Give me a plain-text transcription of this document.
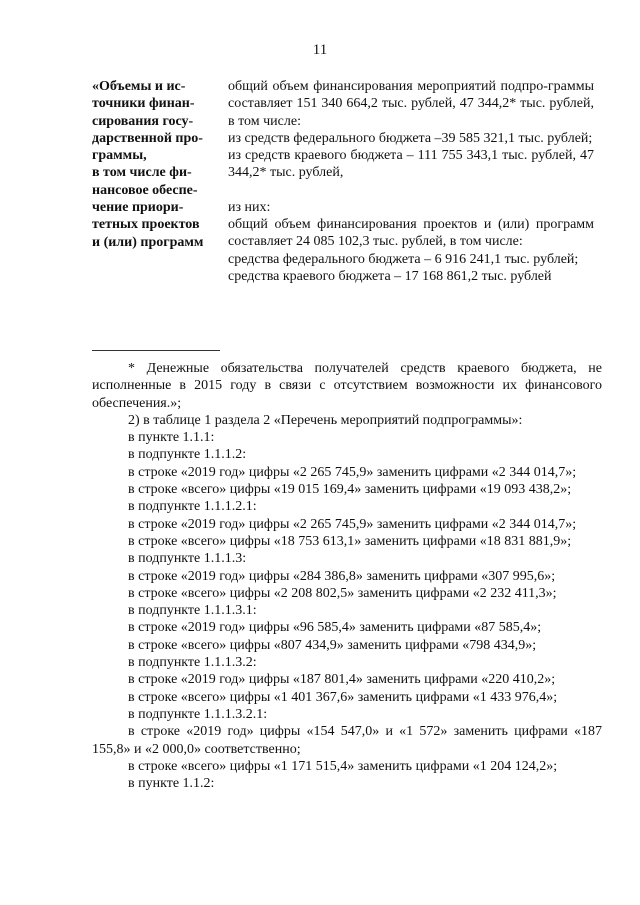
11
«Объемы и ис-
точники финан-
сирования госу-
дарственной про-
граммы,
в том числе фи-
нансовое обеспе-
чение приори-
тетных проектов
и (или) программ

общий объем финансирования мероприятий подпро-граммы составляет 151 340 664,2 тыс. рублей, 47 344,2* тыс. рублей, в том числе:

из средств федерального бюджета –39 585 321,1 тыс. рублей;

из средств краевого бюджета – 111 755 343,1 тыс. рублей, 47 344,2* тыс. рублей,

из них:

общий объем финансирования проектов и (или) программ составляет 24 085 102,3 тыс. рублей, в том числе:

средства федерального бюджета – 6 916 241,1 тыс. рублей;

средства краевого бюджета – 17 168 861,2 тыс. рублей

* Денежные обязательства получателей средств краевого бюджета, не исполненные в 2015 году в связи с отсутствием возможности их финансового обеспечения.»;

2) в таблице 1 раздела 2 «Перечень мероприятий подпрограммы»:

в пункте 1.1.1:

в подпункте 1.1.1.2:

в строке «2019 год» цифры «2 265 745,9» заменить цифрами «2 344 014,7»;

в строке «всего» цифры «19 015 169,4» заменить цифрами «19 093 438,2»;

в подпункте 1.1.1.2.1:

в строке «2019 год» цифры «2 265 745,9» заменить цифрами «2 344 014,7»;

в строке «всего» цифры «18 753 613,1» заменить цифрами «18 831 881,9»;

в подпункте 1.1.1.3:

в строке «2019 год» цифры «284 386,8» заменить цифрами «307 995,6»;

в строке «всего» цифры «2 208 802,5» заменить цифрами «2 232 411,3»;

в подпункте 1.1.1.3.1:

в строке «2019 год» цифры «96 585,4» заменить цифрами «87 585,4»;

в строке «всего» цифры «807 434,9» заменить цифрами «798 434,9»;

в подпункте 1.1.1.3.2:

в строке «2019 год» цифры «187 801,4» заменить цифрами «220 410,2»;

в строке «всего» цифры «1 401 367,6» заменить цифрами «1 433 976,4»;

в подпункте 1.1.1.3.2.1:

в строке «2019 год» цифры «154 547,0» и «1 572» заменить цифрами «187 155,8» и «2 000,0» соответственно;

в строке «всего» цифры «1 171 515,4» заменить цифрами «1 204 124,2»;

в пункте 1.1.2:
